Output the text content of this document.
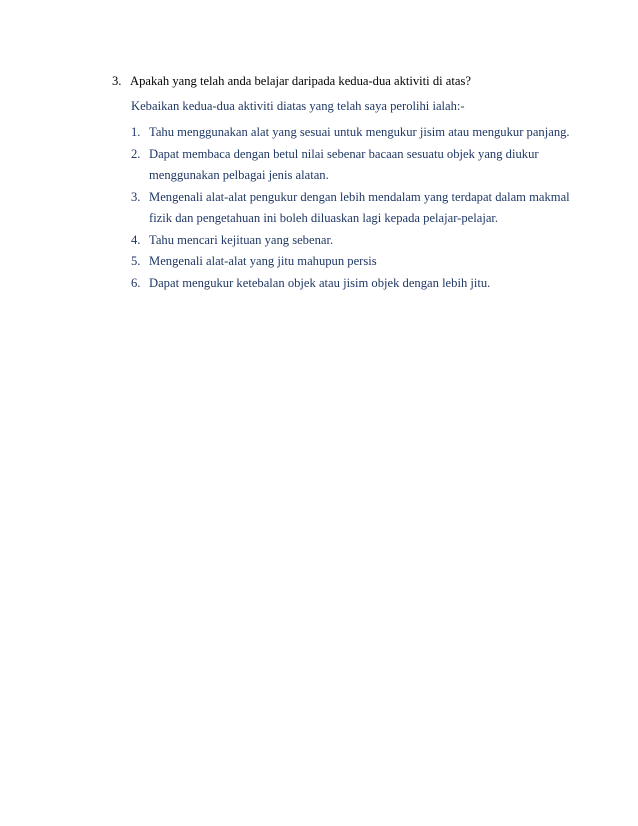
3. Apakah yang telah anda belajar daripada kedua-dua aktiviti di atas?
Kebaikan kedua-dua aktiviti diatas yang telah saya perolihi ialah:-
1. Tahu menggunakan alat yang sesuai untuk mengukur jisim atau mengukur panjang.
2. Dapat membaca dengan betul nilai sebenar bacaan sesuatu objek yang diukur menggunakan pelbagai jenis alatan.
3. Mengenali alat-alat pengukur dengan lebih mendalam yang terdapat dalam makmal fizik dan pengetahuan ini boleh diluaskan lagi kepada pelajar-pelajar.
4. Tahu mencari kejituan yang sebenar.
5. Mengenali alat-alat yang jitu mahupun persis
6. Dapat mengukur ketebalan objek atau jisim objek dengan lebih jitu.
